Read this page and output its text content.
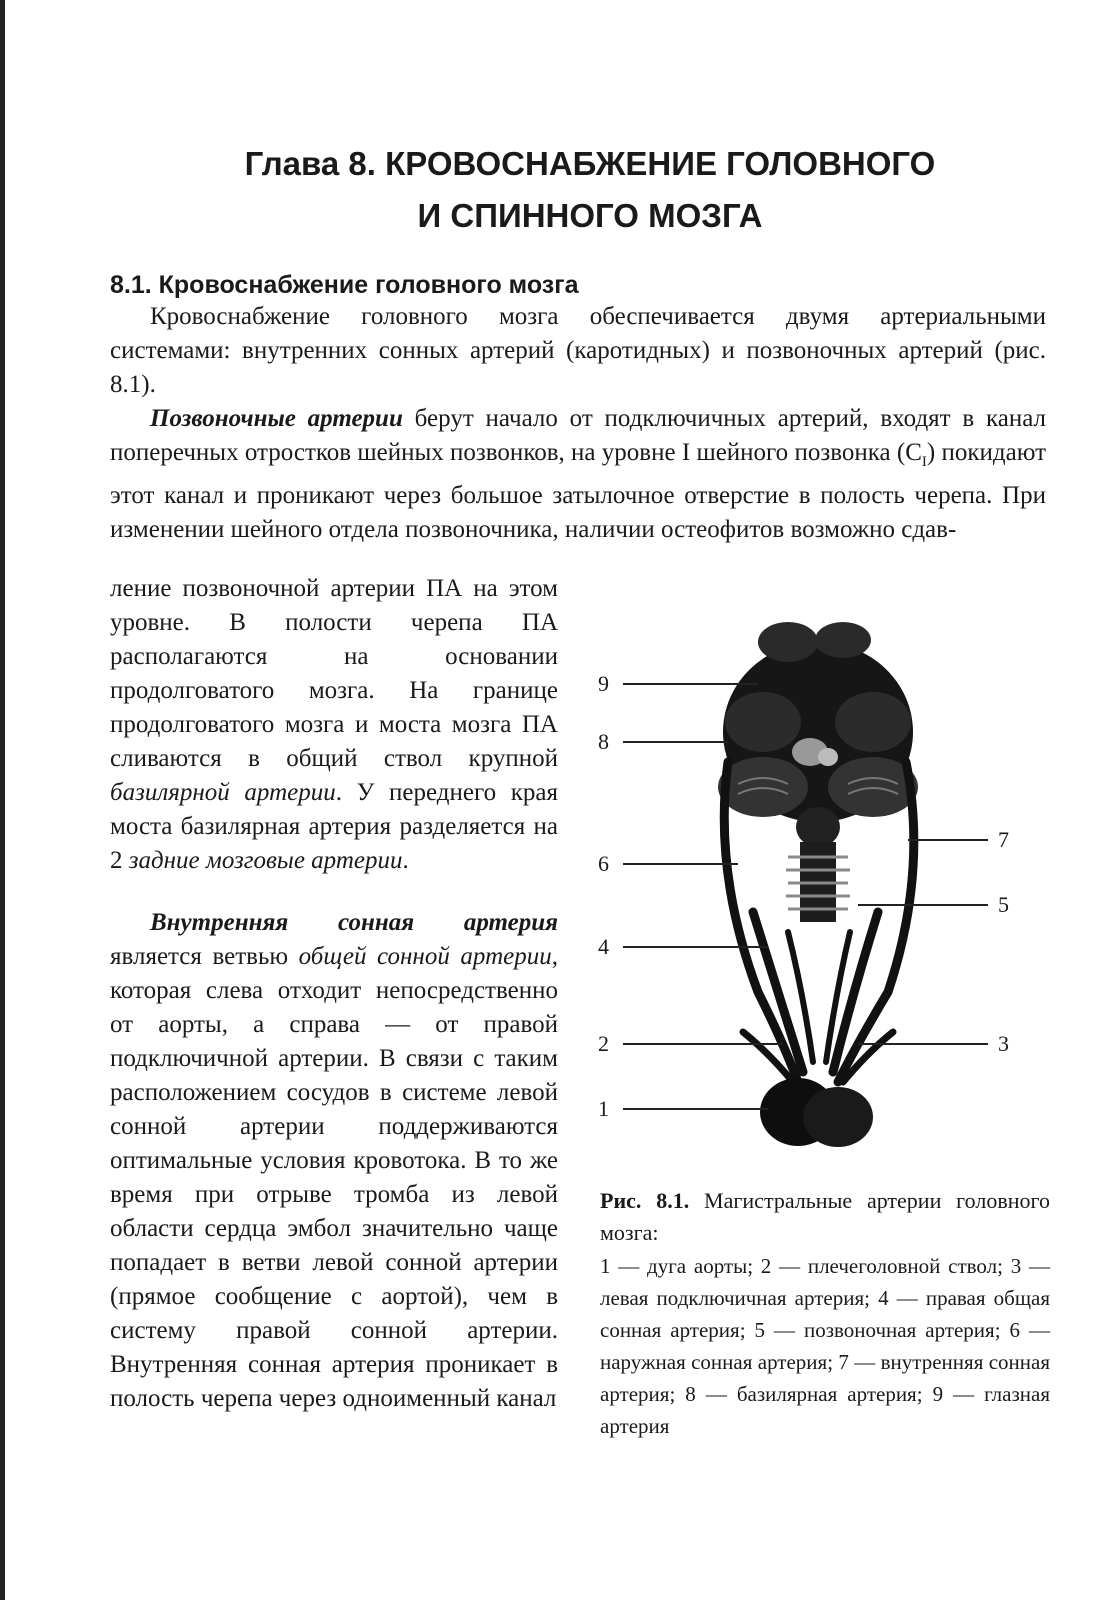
Глава 8. КРОВОСНАБЖЕНИЕ ГОЛОВНОГО
И СПИННОГО МОЗГА
8.1. Кровоснабжение головного мозга

Кровоснабжение головного мозга обеспечивается двумя артериальными системами: внутренних сонных артерий (каротидных) и позвоночных артерий (рис. 8.1).

Позвоночные артерии берут начало от подключичных артерий, входят в канал поперечных отростков шейных позвонков, на уровне I шейного позвонка $(C_I)$ покидают этот канал и проникают через большое затылочное отверстие в полость черепа. При изменении шейного отдела позвоночника, наличии остеофитов возможно сдав-

ление позвоночной артерии ПА на этом уровне. В полости черепа ПА располагаются на основании продолговатого мозга. На границе продолговатого мозга и моста мозга ПА сливаются в общий ствол крупной базилярной артерии. У переднего края моста базилярная артерия разделяется на 2 задние мозговые артерии.

Внутренняя сонная артерия является ветвью общей сонной артерии, которая слева отходит непосредственно от аорты, а справа — от правой подключичной артерии. В связи с таким расположением сосудов в системе левой сонной артерии поддерживаются оптимальные условия кровотока. В то же время при отрыве тромба из левой области сердца эмбол значительно чаще попадает в ветви левой сонной артерии (прямое сообщение с аортой), чем в систему правой сонной артерии. Внутренняя сонная артерия проникает в полость черепа через одноименный канал

9
8
6
4
2
1
7
5
3

Рис. 8.1. Магистральные артерии головного мозга:

1 — дуга аорты; 2 — плечеголовной ствол; 3 — левая подключичная артерия; 4 — правая общая сонная артерия; 5 — позвоночная артерия; 6 — наружная сонная артерия; 7 — внутренняя сонная артерия; 8 — базилярная артерия; 9 — глазная артерия
